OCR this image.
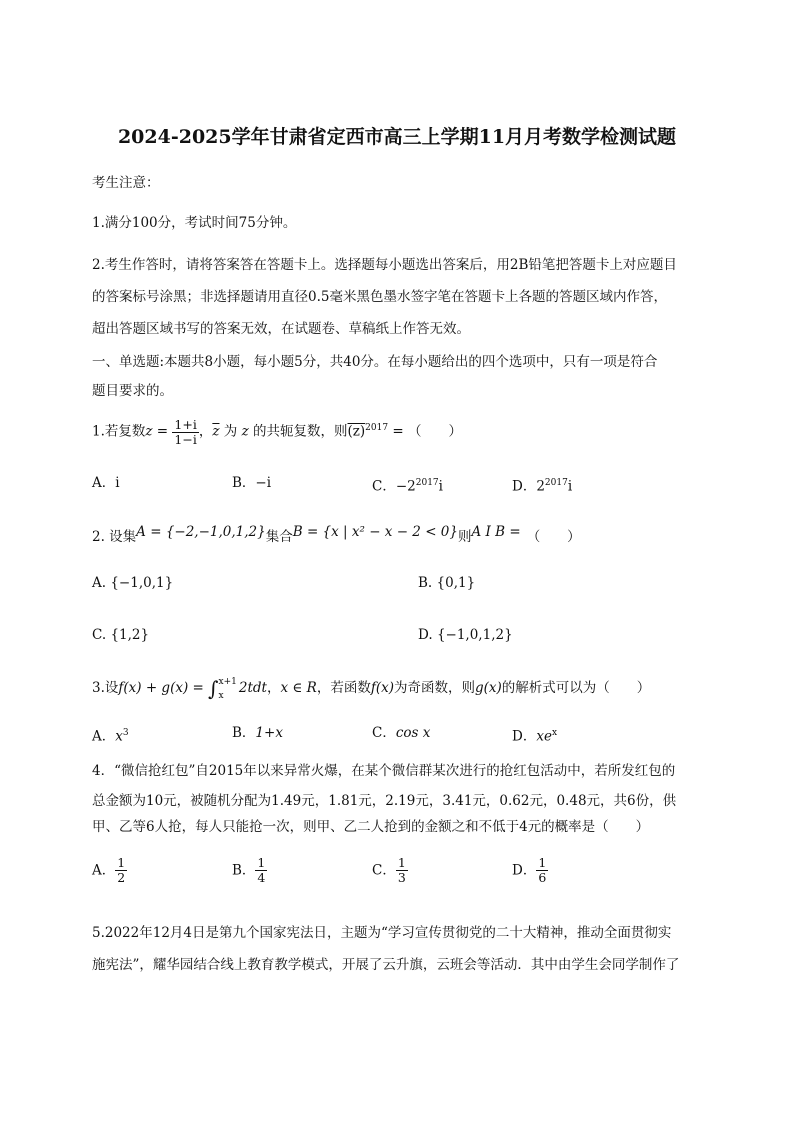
2024-2025学年甘肃省定西市高三上学期11月月考数学检测试题
考生注意：
1.满分100分，考试时间75分钟。
2.考生作答时，请将答案答在答题卡上。选择题每小题选出答案后，用2B铅笔把答题卡上对应题目
的答案标号涂黑；非选择题请用直径0.5毫米黑色墨水签字笔在答题卡上各题的答题区域内作答，
超出答题区域书写的答案无效，在试题卷、草稿纸上作答无效。
一、单选题:本题共8小题，每小题5分，共40分。在每小题给出的四个选项中，只有一项是符合
题目要求的。
1.若复数$z = \frac{1+i}{1-i}$ ，$\overline{z}$ 为 z 的共轭复数，则$(z)^{2017}$ = （　　）
A．i	B．−i	C．$-2^{2017}i$	D．$2^{2017}i$
2. 设集A = {−2,−1,0,1,2}集合B = {x | x² − x − 2 < 0}则A I B = （　　）
A. {−1,0,1}	B. {0,1}
C. {1,2}	D. {−1,0,1,2}
3.设f(x) + g(x) = ∫ x+1
x	2tdt，x ∈ R，若函数f(x)为奇函数，则g(x)的解析式可以为（　　）
A．$x^3$	B．1+x	C．cos x	D．$xe^x$
4．“微信抢红包”自2015年以来异常火爆，在某个微信群某次进行的抢红包活动中，若所发红包的
总金额为10元，被随机分配为1.49元，1.81元，2.19元，3.41元，0.62元，0.48元，共6份，供
甲、乙等6人抢，每人只能抢一次，则甲、乙二人抢到的金额之和不低于4元的概率是（　　）
A． $\frac{1}{2}$	B． $\frac{1}{4}$	C． $\frac{1}{3}$	D． $\frac{1}{6}$
5.2022年12月4日是第九个国家宪法日，主题为“学习宣传贯彻党的二十大精神，推动全面贯彻实
施宪法”，耀华园结合线上教育教学模式，开展了云升旗，云班会等活动．其中由学生会同学制作了
